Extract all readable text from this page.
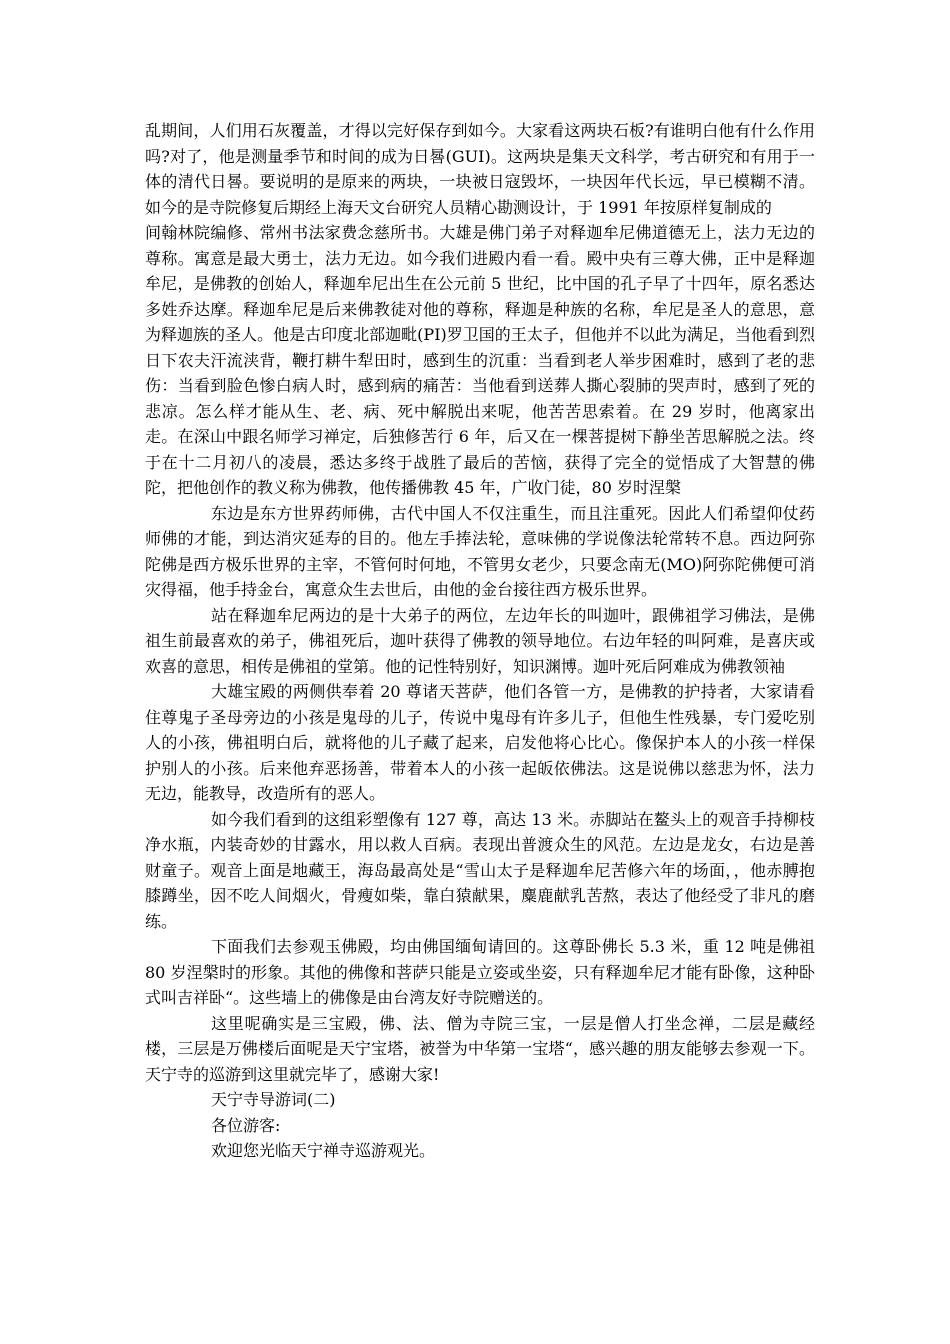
乱期间，人们用石灰覆盖，才得以完好保存到如今。大家看这两块石板?有谁明白他有什么作用吗?对了，他是测量季节和时间的成为日晷(GUI)。这两块是集天文科学，考古研究和有用于一体的清代日晷。要说明的是原来的两块，一块被日寇毁坏，一块因年代长远，早已模糊不清。如今的是寺院修复后期经上海天文台研究人员精心勘测设计，于 1991 年按原样复制成的

间翰林院编修、常州书法家费念慈所书。大雄是佛门弟子对释迦牟尼佛道德无上，法力无边的尊称。寓意是最大勇士，法力无边。如今我们进殿内看一看。殿中央有三尊大佛，正中是释迦牟尼，是佛教的创始人，释迦牟尼出生在公元前 5 世纪，比中国的孔子早了十四年，原名悉达多姓乔达摩。释迦牟尼是后来佛教徒对他的尊称，释迦是种族的名称，牟尼是圣人的意思，意为释迦族的圣人。他是古印度北部迦毗(PI)罗卫国的王太子，但他并不以此为满足，当他看到烈日下农夫汗流浃背，鞭打耕牛犁田时，感到生的沉重：当看到老人举步困难时，感到了老的悲伤：当看到脸色惨白病人时，感到病的痛苦：当他看到送葬人撕心裂肺的哭声时，感到了死的悲凉。怎么样才能从生、老、病、死中解脱出来呢，他苦苦思索着。在 29 岁时，他离家出走。在深山中跟名师学习禅定，后独修苦行 6 年，后又在一棵菩提树下静坐苦思解脱之法。终于在十二月初八的凌晨，悉达多终于战胜了最后的苦恼，获得了完全的觉悟成了大智慧的佛陀，把他创作的教义称为佛教，他传播佛教 45 年，广收门徒，80 岁时涅槃

东边是东方世界药师佛，古代中国人不仅注重生，而且注重死。因此人们希望仰仗药师佛的才能，到达消灾延寿的目的。他左手捧法轮，意味佛的学说像法轮常转不息。西边阿弥陀佛是西方极乐世界的主宰，不管何时何地，不管男女老少，只要念南无(MO)阿弥陀佛便可消灾得福，他手持金台，寓意众生去世后，由他的金台接往西方极乐世界。

站在释迦牟尼两边的是十大弟子的两位，左边年长的叫迦叶，跟佛祖学习佛法，是佛祖生前最喜欢的弟子，佛祖死后，迦叶获得了佛教的领导地位。右边年轻的叫阿难，是喜庆或欢喜的意思，相传是佛祖的堂第。他的记性特别好，知识渊博。迦叶死后阿难成为佛教领袖

大雄宝殿的两侧供奉着 20 尊诸天菩萨，他们各管一方，是佛教的护持者，大家请看住尊鬼子圣母旁边的小孩是鬼母的儿子，传说中鬼母有许多儿子，但他生性残暴，专门爱吃别人的小孩，佛祖明白后，就将他的儿子藏了起来，启发他将心比心。像保护本人的小孩一样保护别人的小孩。后来他弃恶扬善，带着本人的小孩一起皈依佛法。这是说佛以慈悲为怀，法力无边，能教导，改造所有的恶人。

如今我们看到的这组彩塑像有 127 尊，高达 13 米。赤脚站在鳌头上的观音手持柳枝净水瓶，内装奇妙的甘露水，用以救人百病。表现出普渡众生的风范。左边是龙女，右边是善财童子。观音上面是地藏王，海岛最高处是“雪山太子是释迦牟尼苦修六年的场面，，他赤膊抱膝蹲坐，因不吃人间烟火，骨瘦如柴，靠白猿献果，麋鹿献乳苦熬，表达了他经受了非凡的磨练。

下面我们去参观玉佛殿，均由佛国缅甸请回的。这尊卧佛长 5.3 米，重 12 吨是佛祖 80 岁涅槃时的形象。其他的佛像和菩萨只能是立姿或坐姿，只有释迦牟尼才能有卧像，这种卧式叫吉祥卧“。这些墙上的佛像是由台湾友好寺院赠送的。

这里呢确实是三宝殿，佛、法、僧为寺院三宝，一层是僧人打坐念禅，二层是藏经楼，三层是万佛楼后面呢是天宁宝塔，被誉为中华第一宝塔“，感兴趣的朋友能够去参观一下。天宁寺的巡游到这里就完毕了，感谢大家!

天宁寺导游词(二)

各位游客:

欢迎您光临天宁禅寺巡游观光。
